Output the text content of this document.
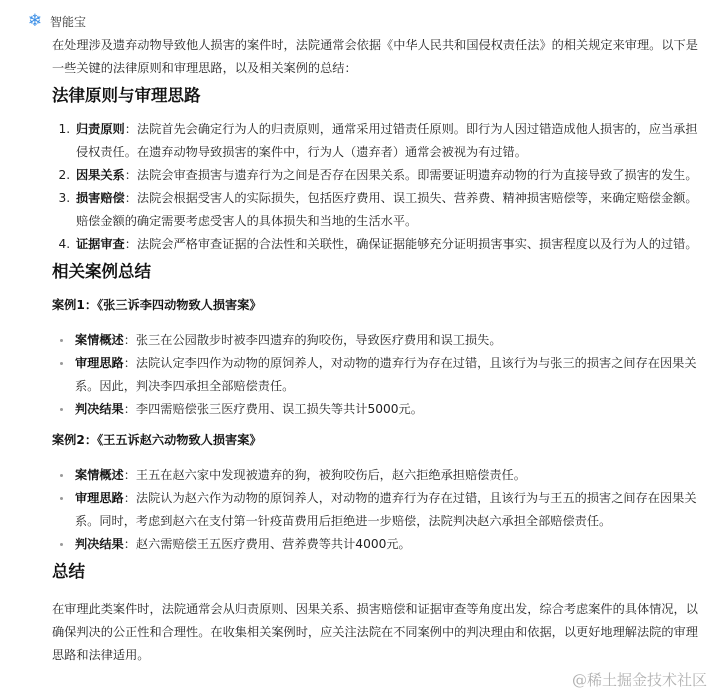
❄ 智能宝

在处理涉及遗弃动物导致他人损害的案件时，法院通常会依据《中华人民共和国侵权责任法》的相关规定来审理。以下是一些关键的法律原则和审理思路，以及相关案例的总结：

法律原则与审理思路
1. 归责原则：法院首先会确定行为人的归责原则，通常采用过错责任原则。即行为人因过错造成他人损害的，应当承担侵权责任。在遗弃动物导致损害的案件中，行为人（遗弃者）通常会被视为有过错。
2. 因果关系：法院会审查损害与遗弃行为之间是否存在因果关系。即需要证明遗弃动物的行为直接导致了损害的发生。
3. 损害赔偿：法院会根据受害人的实际损失，包括医疗费用、误工损失、营养费、精神损害赔偿等，来确定赔偿金额。赔偿金额的确定需要考虑受害人的具体损失和当地的生活水平。
4. 证据审查：法院会严格审查证据的合法性和关联性，确保证据能够充分证明损害事实、损害程度以及行为人的过错。
相关案例总结
案例1：《张三诉李四动物致人损害案》
案情概述：张三在公园散步时被李四遗弃的狗咬伤，导致医疗费用和误工损失。
审理思路：法院认定李四作为动物的原饲养人，对动物的遗弃行为存在过错，且该行为与张三的损害之间存在因果关系。因此，判决李四承担全部赔偿责任。
判决结果：李四需赔偿张三医疗费用、误工损失等共计5000元。
案例2：《王五诉赵六动物致人损害案》
案情概述：王五在赵六家中发现被遗弃的狗，被狗咬伤后，赵六拒绝承担赔偿责任。
审理思路：法院认为赵六作为动物的原饲养人，对动物的遗弃行为存在过错，且该行为与王五的损害之间存在因果关系。同时，考虑到赵六在支付第一针疫苗费用后拒绝进一步赔偿，法院判决赵六承担全部赔偿责任。
判决结果：赵六需赔偿王五医疗费用、营养费等共计4000元。
总结

在审理此类案件时，法院通常会从归责原则、因果关系、损害赔偿和证据审查等角度出发，综合考虑案件的具体情况，以确保判决的公正性和合理性。在收集相关案例时，应关注法院在不同案例中的判决理由和依据，以更好地理解法院的审理思路和法律适用。

@稀土掘金技术社区
